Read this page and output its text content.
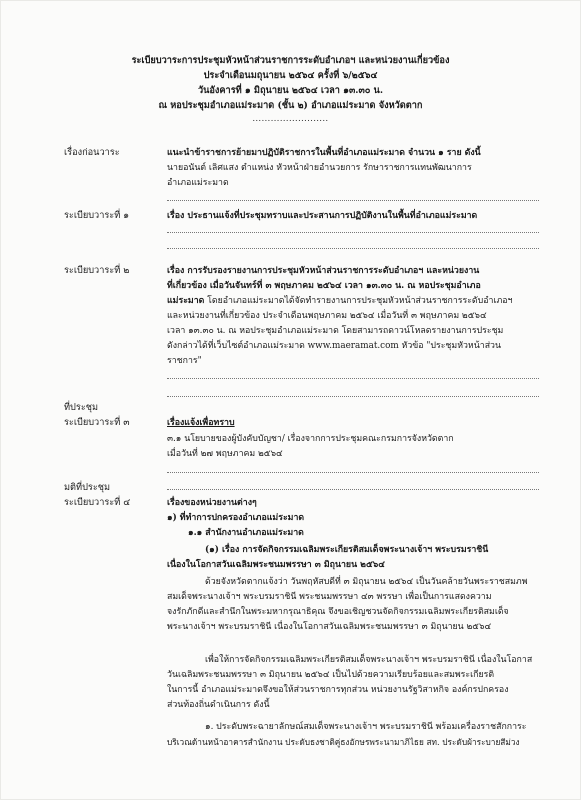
ระเบียบวาระการประชุมหัวหน้าส่วนราชการระดับอำเภอฯ และหน่วยงานเกี่ยวข้อง
ประจำเดือนมถุนายน ๒๕๖๔ ครั้งที่ ๖/๒๕๖๔
วันอังคารที่ ๑ มิถุนายน ๒๕๖๔ เวลา ๑๓.๓๐ น.
ณ หอประชุมอำเภอแม่ระมาด (ชั้น ๒) อำเภอแม่ระมาด จังหวัดตาก
.........................
เรื่องก่อนวาระ	แนะนำข้าราชการย้ายมาปฏิบัติราชการในพื้นที่อำเภอแม่ระมาด จำนวน ๑ ราย ดังนี้
นายอนันต์ เลิศแสง ตำแหน่ง หัวหน้าฝ่ายอำนวยการ รักษาราชการแทนพัฒนาการ
อำเภอแม่ระมาด
ระเบียบวาระที่ ๑	เรื่อง ประธานแจ้งที่ประชุมทราบและประสานการปฏิบัติงานในพื้นที่อำเภอแม่ระมาด
ระเบียบวาระที่ ๒	เรื่อง การรับรองรายงานการประชุมหัวหน้าส่วนราชการระดับอำเภอฯ และหน่วยงาน
ที่เกี่ยวข้อง เมื่อวันจันทร์ที่ ๓ พฤษภาคม ๒๕๖๔ เวลา ๑๓.๓๐ น. ณ หอประชุมอำเภอ
แม่ระมาด โดยอำเภอแม่ระมาดได้จัดทำรายงานการประชุมหัวหน้าส่วนราชการระดับอำเภอฯ
และหน่วยงานที่เกี่ยวข้อง ประจำเดือนพฤษภาคม ๒๕๖๔ เมื่อวันที่ ๓ พฤษภาคม ๒๕๖๔
เวลา ๑๓.๓๐ น. ณ หอประชุมอำเภอแม่ระมาด โดยสามารถดาวน์โหลดรายงานการประชุม
ดังกล่าวได้ที่เว็บไซต์อำเภอแม่ระมาด www.maeramat.com หัวข้อ "ประชุมหัวหน้าส่วน
ราชการ"
ที่ประชุม
ระเบียบวาระที่ ๓	เรื่องแจ้งเพื่อทราบ
๓.๑ นโยบายของผู้บังคับบัญชา/ เรื่องจากการประชุมคณะกรมการจังหวัดตาก
เมื่อวันที่ ๒๗ พฤษภาคม ๒๕๖๔
มติที่ประชุม
ระเบียบวาระที่ ๔	เรื่องของหน่วยงานต่างๆ
๑) ที่ทำการปกครองอำเภอแม่ระมาด
๑.๑ สำนักงานอำเภอแม่ระมาด
(๑) เรื่อง การจัดกิจกรรมเฉลิมพระเกียรติสมเด็จพระนางเจ้าฯ พระบรมราชินี
เนื่องในโอกาสวันเฉลิมพระชนมพรรษา ๓ มิถุนายน ๒๕๖๔
ด้วยจังหวัดตากแจ้งว่า วันพฤหัสบดีที่ ๓ มิถุนายน ๒๕๖๔ เป็นวันคล้ายวันพระราชสมภพ
สมเด็จพระนางเจ้าฯ พระบรมราชินี พระชนมพรรษา ๔๓ พรรษา เพื่อเป็นการแสดงความ
จงรักภักดีและสำนึกในพระมหากรุณาธิคุณ จึงขอเชิญชวนจัดกิจกรรมเฉลิมพระเกียรติสมเด็จ
พระนางเจ้าฯ พระบรมราชินี เนื่องในโอกาสวันเฉลิมพระชนมพรรษา ๓ มิถุนายน ๒๕๖๔
เพื่อให้การจัดกิจกรรมเฉลิมพระเกียรติสมเด็จพระนางเจ้าฯ พระบรมราชินี เนื่องในโอกาส
วันเฉลิมพระชนมพรรษา ๓ มิถุนายน ๒๕๖๔ เป็นไปด้วยความเรียบร้อยและสมพระเกียรติ
ในการนี้ อำเภอแม่ระมาดจึงขอให้ส่วนราชการทุกส่วน หน่วยงานรัฐวิสาหกิจ องค์กรปกครอง
ส่วนท้องถิ่นดำเนินการ ดังนี้
๑. ประดับพระฉายาลักษณ์สมเด็จพระนางเจ้าฯ พระบรมราชินี พร้อมเครื่องราชสักการะ
บริเวณด้านหน้าอาคารสำนักงาน ประดับธงชาติคู่ธงอักษรพระนามาภิไธย สท. ประดับผ้าระบายสีม่วง
